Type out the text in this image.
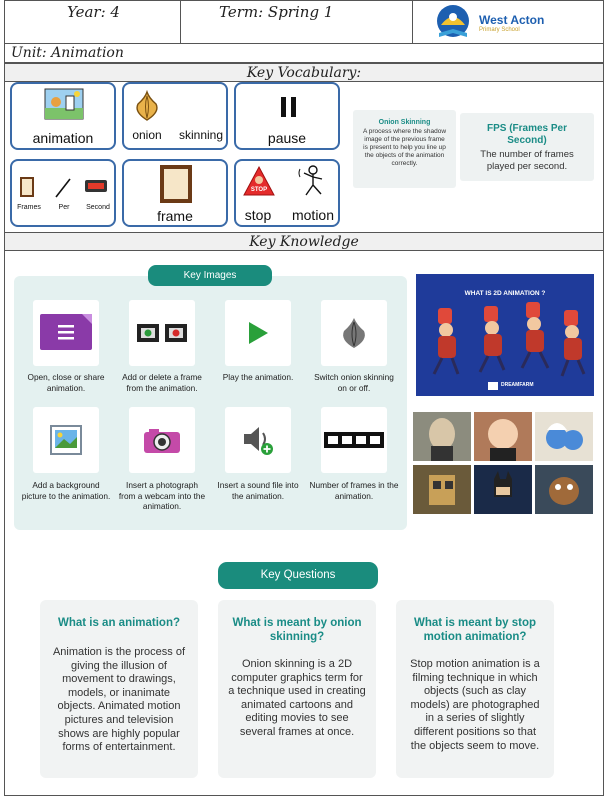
Year: 4	Term: Spring 1	West Acton
Primary School
Unit: Animation
Key Vocabulary:
animation	onion skinning	pause
Frames	Per	Second
frame
STOP
stop	motion
Onion Skinning
A process where the shadow image of the previous frame is present to help you line up the objects of the animation correctly.
FPS (Frames Per Second)
The number of frames played per second.
Key Knowledge
Key Images
Open, close or share animation.
Add or delete a frame from the animation.
Play the animation.	Switch onion skinning on or off.
Add a background picture to the animation.
Insert a photograph from a webcam into the animation.
Insert a sound file into the animation.
Number of frames in the animation.
WHAT IS 2D ANIMATION ?
DREAMFARM
Key Questions
What is an animation?
Animation is the process of giving the illusion of movement to drawings, models, or inanimate objects. Animated motion pictures and television shows are highly popular forms of entertainment.
What is meant by onion skinning?
Onion skinning is a 2D computer graphics term for a technique used in creating animated cartoons and editing movies to see several frames at once.
What is meant by stop motion animation?
Stop motion animation is a filming technique in which objects (such as clay models) are photographed in a series of slightly different positions so that the objects seem to move.
